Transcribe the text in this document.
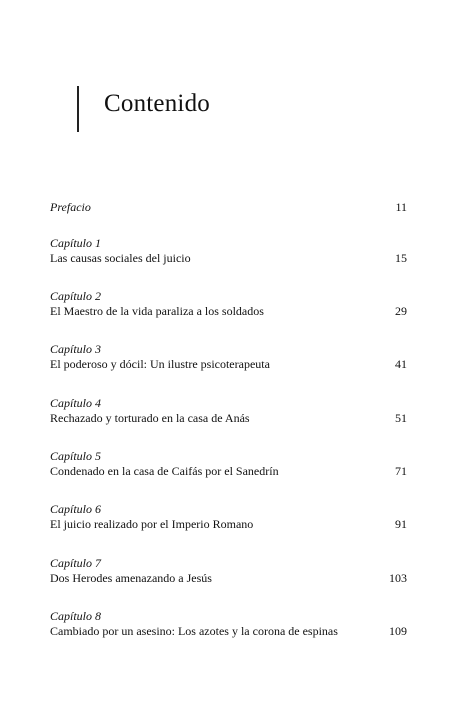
Contenido
Prefacio	11
Capítulo 1
Las causas sociales del juicio	15
Capítulo 2
El Maestro de la vida paraliza a los soldados	29
Capítulo 3
El poderoso y dócil: Un ilustre psicoterapeuta	41
Capítulo 4
Rechazado y torturado en la casa de Anás	51
Capítulo 5
Condenado en la casa de Caifás por el Sanedrín	71
Capítulo 6
El juicio realizado por el Imperio Romano	91
Capítulo 7
Dos Herodes amenazando a Jesús	103
Capítulo 8
Cambiado por un asesino: Los azotes y la corona de espinas	109
